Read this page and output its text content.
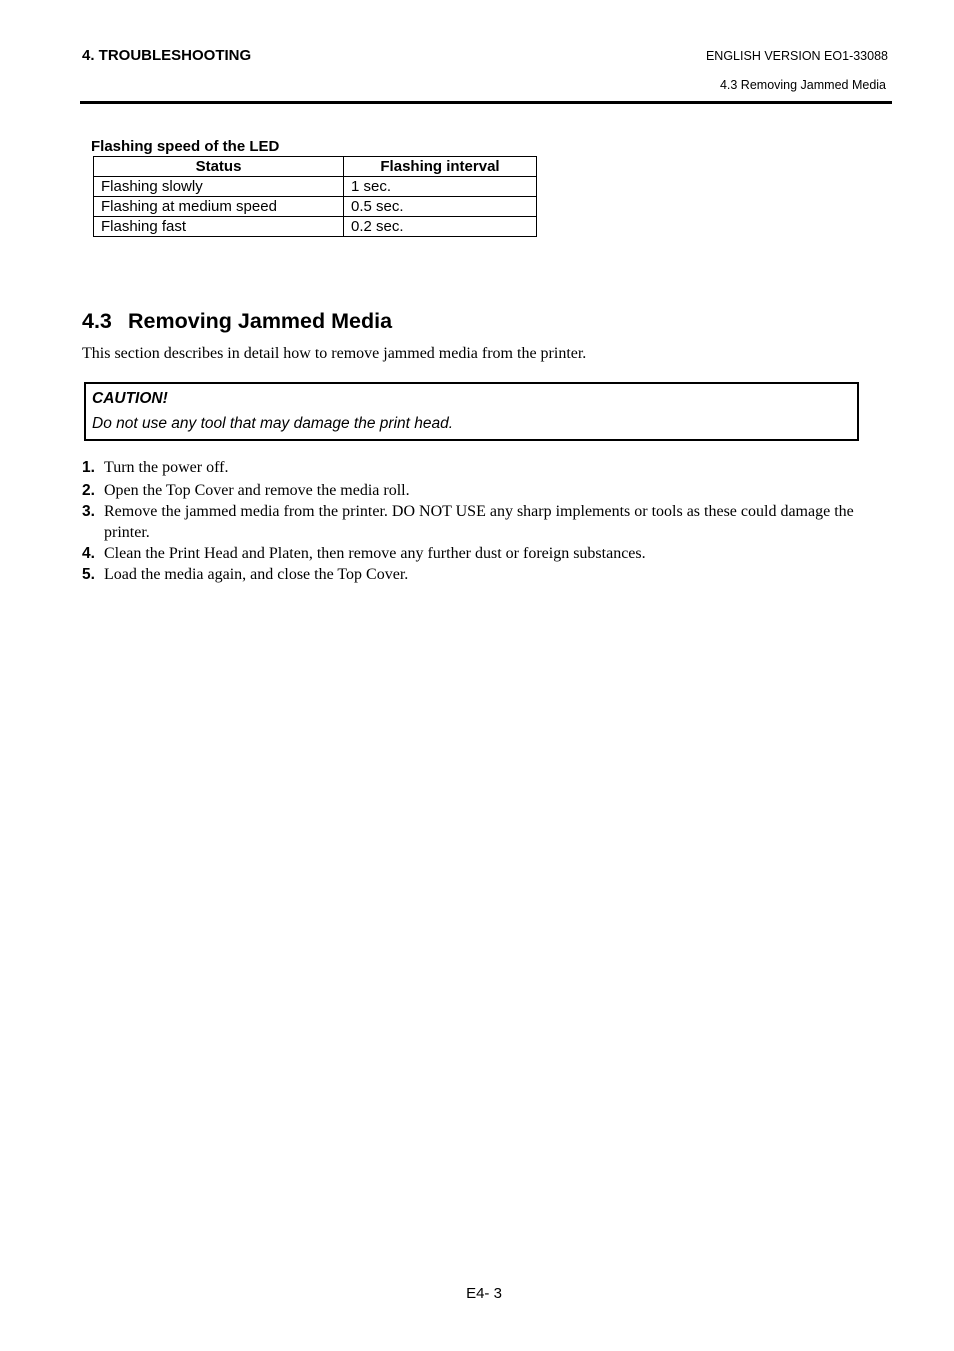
4. TROUBLESHOOTING	ENGLISH VERSION EO1-33088
4.3 Removing Jammed Media
Flashing speed of the LED
Status	Flashing interval
Flashing slowly	1 sec.
Flashing at medium speed	0.5 sec.
Flashing fast	0.2 sec.
4.3 Removing Jammed Media
This section describes in detail how to remove jammed media from the printer.
CAUTION!
Do not use any tool that may damage the print head.
1. Turn the power off.
2. Open the Top Cover and remove the media roll.
3. Remove the jammed media from the printer. DO NOT USE any sharp implements or tools as these could damage the printer.
4. Clean the Print Head and Platen, then remove any further dust or foreign substances.
5. Load the media again, and close the Top Cover.
E4- 3
